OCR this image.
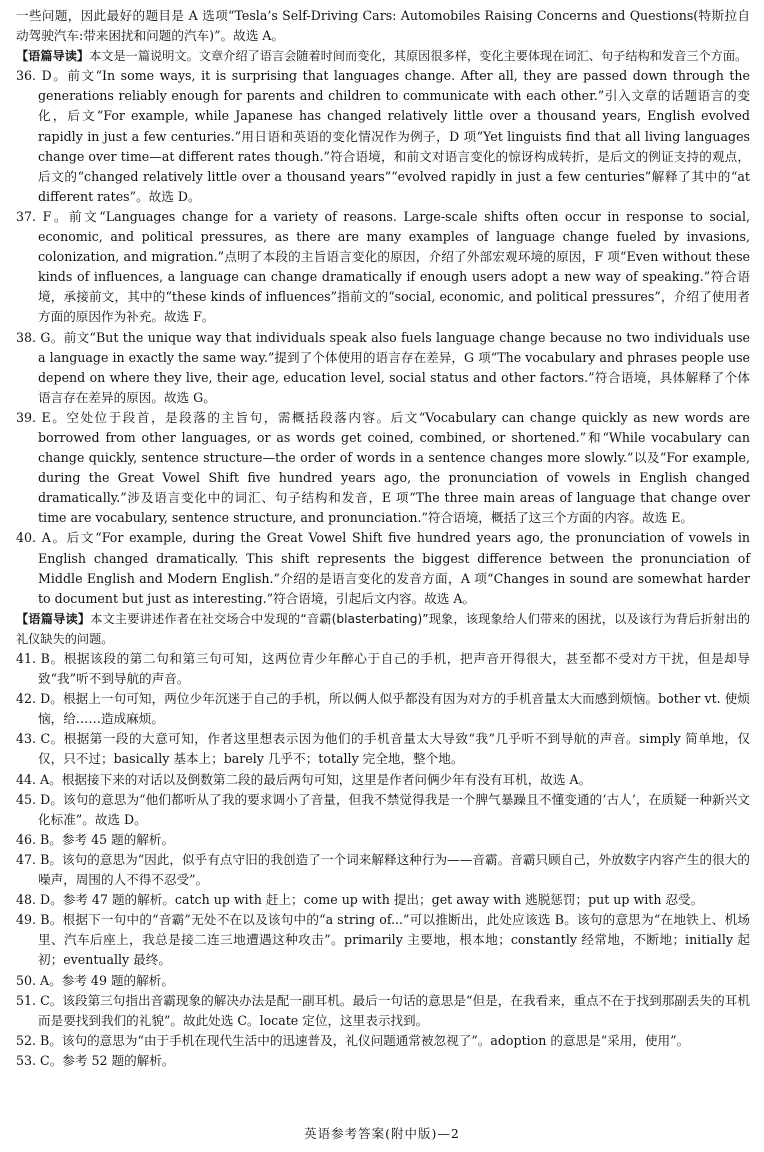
一些问题，因此最好的题目是 A 选项“Tesla’s Self-Driving Cars: Automobiles Raising Concerns and Questions(特斯拉自动驾驶汽车:带来困扰和问题的汽车)”。故选 A。

【语篇导读】本文是一篇说明文。文章介绍了语言会随着时间而变化，其原因很多样，变化主要体现在词汇、句子结构和发音三个方面。

36. D。前文“In some ways, it is surprising that languages change. After all, they are passed down through the generations reliably enough for parents and children to communicate with each other.”引入文章的话题语言的变化，后文“For example, while Japanese has changed relatively little over a thousand years, English evolved rapidly in just a few centuries.”用日语和英语的变化情况作为例子，D 项“Yet linguists find that all living languages change over time—at different rates though.”符合语境，和前文对语言变化的惊讶构成转折，是后文的例证支持的观点，后文的“changed relatively little over a thousand years”“evolved rapidly in just a few centuries”解释了其中的“at different rates”。故选 D。

37. F。前文“Languages change for a variety of reasons. Large-scale shifts often occur in response to social, economic, and political pressures, as there are many examples of language change fueled by invasions, colonization, and migration.”点明了本段的主旨语言变化的原因，介绍了外部宏观环境的原因，F 项“Even without these kinds of influences, a language can change dramatically if enough users adopt a new way of speaking.”符合语境，承接前文，其中的“these kinds of influences”指前文的“social, economic, and political pressures”，介绍了使用者方面的原因作为补充。故选 F。

38. G。前文“But the unique way that individuals speak also fuels language change because no two individuals use a language in exactly the same way.”提到了个体使用的语言存在差异，G 项“The vocabulary and phrases people use depend on where they live, their age, education level, social status and other factors.”符合语境，具体解释了个体语言存在差异的原因。故选 G。

39. E。空处位于段首，是段落的主旨句，需概括段落内容。后文“Vocabulary can change quickly as new words are borrowed from other languages, or as words get coined, combined, or shortened.”和“While vocabulary can change quickly, sentence structure—the order of words in a sentence changes more slowly.”以及“For example, during the Great Vowel Shift five hundred years ago, the pronunciation of vowels in English changed dramatically.”涉及语言变化中的词汇、句子结构和发音，E 项“The three main areas of language that change over time are vocabulary, sentence structure, and pronunciation.”符合语境，概括了这三个方面的内容。故选 E。

40. A。后文“For example, during the Great Vowel Shift five hundred years ago, the pronunciation of vowels in English changed dramatically. This shift represents the biggest difference between the pronunciation of Middle English and Modern English.”介绍的是语言变化的发音方面，A 项“Changes in sound are somewhat harder to document but just as interesting.”符合语境，引起后文内容。故选 A。

【语篇导读】本文主要讲述作者在社交场合中发现的“音霸(blasterbating)”现象，该现象给人们带来的困扰，以及该行为背后折射出的礼仪缺失的问题。

41. B。根据该段的第二句和第三句可知，这两位青少年醉心于自己的手机，把声音开得很大，甚至都不受对方干扰，但是却导致“我”听不到导航的声音。

42. D。根据上一句可知，两位少年沉迷于自己的手机，所以俩人似乎都没有因为对方的手机音量太大而感到烦恼。bother vt. 使烦恼，给……造成麻烦。

43. C。根据第一段的大意可知，作者这里想表示因为他们的手机音量太大导致“我”几乎听不到导航的声音。simply 简单地，仅仅，只不过；basically 基本上；barely 几乎不；totally 完全地，整个地。

44. A。根据接下来的对话以及倒数第二段的最后两句可知，这里是作者问俩少年有没有耳机，故选 A。

45. D。该句的意思为“他们都听从了我的要求调小了音量，但我不禁觉得我是一个脾气暴躁且不懂变通的‘古人’，在质疑一种新兴文化标准”。故选 D。

46. B。参考 45 题的解析。

47. B。该句的意思为“因此，似乎有点守旧的我创造了一个词来解释这种行为——音霸。音霸只顾自己，外放数字内容产生的很大的噪声，周围的人不得不忍受”。

48. D。参考 47 题的解析。catch up with 赶上；come up with 提出；get away with 逃脱惩罚；put up with 忍受。

49. B。根据下一句中的“音霸”无处不在以及该句中的“a string of...”可以推断出，此处应该选 B。该句的意思为“在地铁上、机场里、汽车后座上，我总是接二连三地遭遇这种攻击”。primarily 主要地，根本地；constantly 经常地，不断地；initially 起初；eventually 最终。

50. A。参考 49 题的解析。

51. C。该段第三句指出音霸现象的解决办法是配一副耳机。最后一句话的意思是“但是，在我看来，重点不在于找到那副丢失的耳机而是要找到我们的礼貌”。故此处选 C。locate 定位，这里表示找到。

52. B。该句的意思为“由于手机在现代生活中的迅速普及，礼仪问题通常被忽视了”。adoption 的意思是“采用，使用”。

53. C。参考 52 题的解析。

英语参考答案(附中版)—2
